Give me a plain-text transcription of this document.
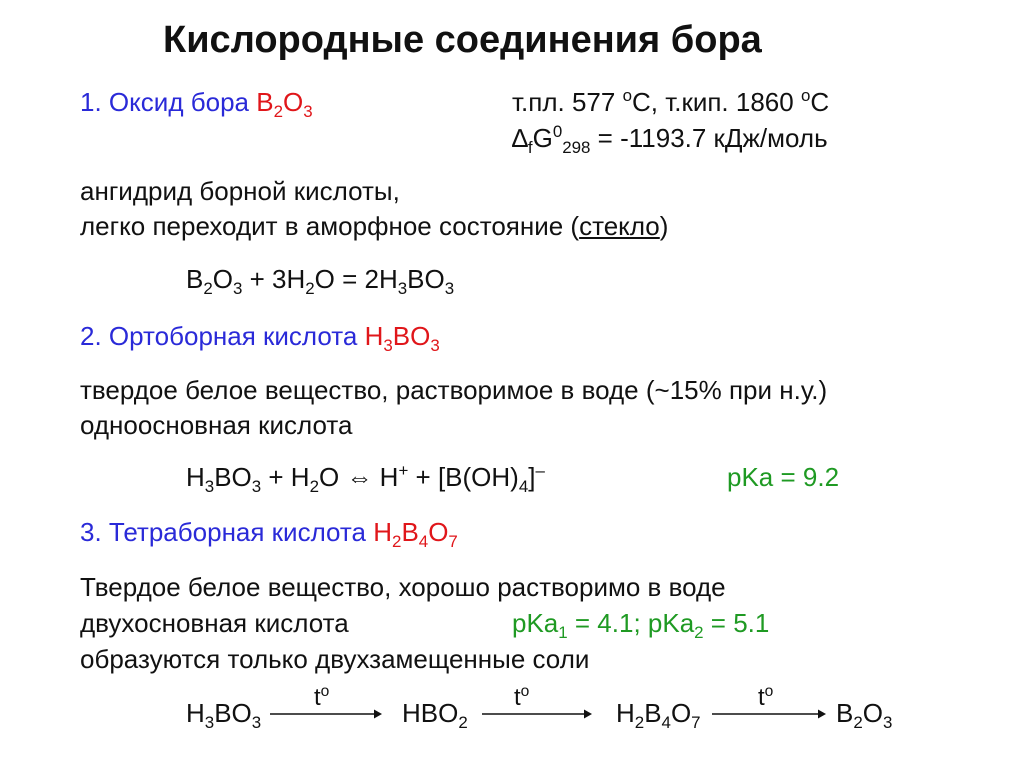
Кислородные соединения бора
1. Оксид бора $B_2O_3$	т.пл. 577 $^o$C, т.кип. 1860 $^o$C
$\Delta_fG^0_{298} = -1193.7$ кДж/моль
ангидрид борной кислоты,
легко переходит в аморфное состояние (стекло)
$B_2O_3 + 3H_2O = 2H_3BO_3$
2. Ортоборная кислота $H_3BO_3$
твердое белое вещество, растворимое в воде (~15% при н.у.)
одноосновная кислота
$H_3BO_3 + H_2O$ ⇔ $H^+ + [B(OH)_4]^-$	pKa = 9.2
3. Тетраборная кислота $H_2B_4O_7$
Твердое белое вещество, хорошо растворимо в воде
двухосновная кислота	pKa$_1$ = 4.1; pKa$_2$ = 5.1
образуются только двухзамещенные соли
$H_3BO_3$
$t^o$
$HBO_2$
$t^o$
$H_2B_4O_7$
$t^o$
$B_2O_3$
